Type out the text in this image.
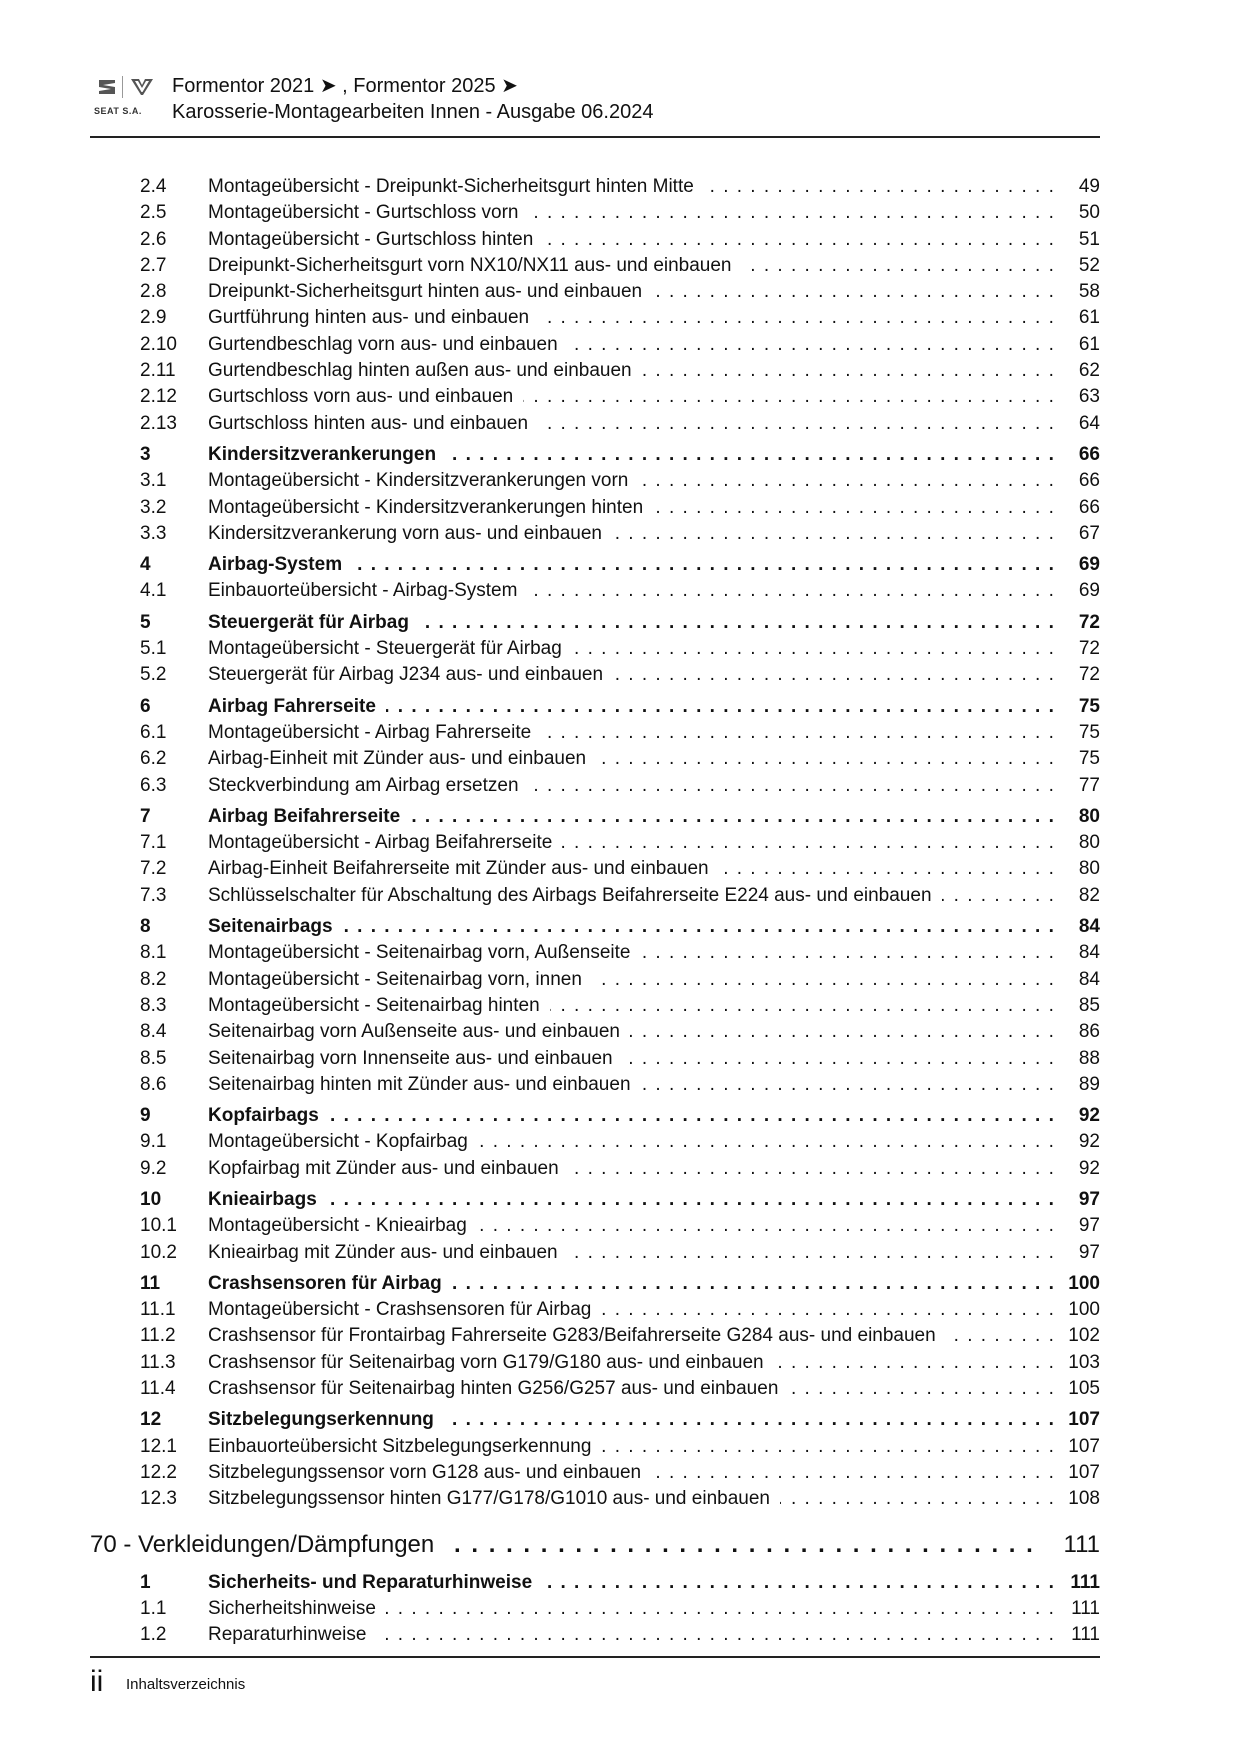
SEAT S.A.
Formentor 2021 ➤ , Formentor 2025 ➤
Karosserie-Montagearbeiten Innen - Ausgabe 06.2024
2.4 Montageübersicht - Dreipunkt-Sicherheitsgurt hinten Mitte . . .	49
2.5 Montageübersicht - Gurtschloss vorn . . .	50
2.6 Montageübersicht - Gurtschloss hinten . . .	51
2.7 Dreipunkt-Sicherheitsgurt vorn NX10/NX11 aus- und einbauen . . .	52
2.8 Dreipunkt-Sicherheitsgurt hinten aus- und einbauen . . .	58
2.9 Gurtführung hinten aus- und einbauen . . .	61
2.10 Gurtendbeschlag vorn aus- und einbauen . . .	61
2.11 Gurtendbeschlag hinten außen aus- und einbauen . . .	62
2.12 Gurtschloss vorn aus- und einbauen . . .	63
2.13 Gurtschloss hinten aus- und einbauen . . .	64
3	Kindersitzverankerungen . . .	66
3.1 Montageübersicht - Kindersitzverankerungen vorn . . .	66
3.2 Montageübersicht - Kindersitzverankerungen hinten . . .	66
3.3 Kindersitzverankerung vorn aus- und einbauen . . .	67
4	Airbag-System . . .	69
4.1 Einbauorteübersicht - Airbag-System . . .	69
5	Steuergerät für Airbag . . .	72
5.1 Montageübersicht - Steuergerät für Airbag . . .	72
5.2 Steuergerät für Airbag J234 aus- und einbauen . . .	72
6	Airbag Fahrerseite . . .	75
6.1 Montageübersicht - Airbag Fahrerseite . . .	75
6.2 Airbag-Einheit mit Zünder aus- und einbauen . . .	75
6.3 Steckverbindung am Airbag ersetzen . . .	77
7	Airbag Beifahrerseite . . .	80
7.1 Montageübersicht - Airbag Beifahrerseite . . .	80
7.2 Airbag-Einheit Beifahrerseite mit Zünder aus- und einbauen . . .	80
7.3 Schlüsselschalter für Abschaltung des Airbags Beifahrerseite E224 aus- und einbauen . . .	82
8	Seitenairbags . . .	84
8.1 Montageübersicht - Seitenairbag vorn, Außenseite . . .	84
8.2 Montageübersicht - Seitenairbag vorn, innen . . .	84
8.3 Montageübersicht - Seitenairbag hinten . . .	85
8.4 Seitenairbag vorn Außenseite aus- und einbauen . . .	86
8.5 Seitenairbag vorn Innenseite aus- und einbauen . . .	88
8.6 Seitenairbag hinten mit Zünder aus- und einbauen . . .	89
9	Kopfairbags . . .	92
9.1 Montageübersicht - Kopfairbag . . .	92
9.2 Kopfairbag mit Zünder aus- und einbauen . . .	92
10 Knieairbags . . .	97
10.1 Montageübersicht - Knieairbag . . .	97
10.2 Knieairbag mit Zünder aus- und einbauen . . .	97
11	Crashsensoren für Airbag . . .	100
11.1 Montageübersicht - Crashsensoren für Airbag . . .	100
11.2 Crashsensor für Frontairbag Fahrerseite G283/Beifahrerseite G284 aus- und einbauen . . .	102
11.3 Crashsensor für Seitenairbag vorn G179/G180 aus- und einbauen . . .	103
11.4 Crashsensor für Seitenairbag hinten G256/G257 aus- und einbauen . . .	105
12 Sitzbelegungserkennung . . .	107
12.1 Einbauorteübersicht Sitzbelegungserkennung . . .	107
12.2 Sitzbelegungssensor vorn G128 aus- und einbauen . . .	107
12.3 Sitzbelegungssensor hinten G177/G178/G1010 aus- und einbauen . . .	108
70 - Verkleidungen/Dämpfungen . . .	111
1	Sicherheits- und Reparaturhinweise . . .	111
1.1 Sicherheitshinweise . . .	111
1.2 Reparaturhinweise . . .	111
ii Inhaltsverzeichnis
